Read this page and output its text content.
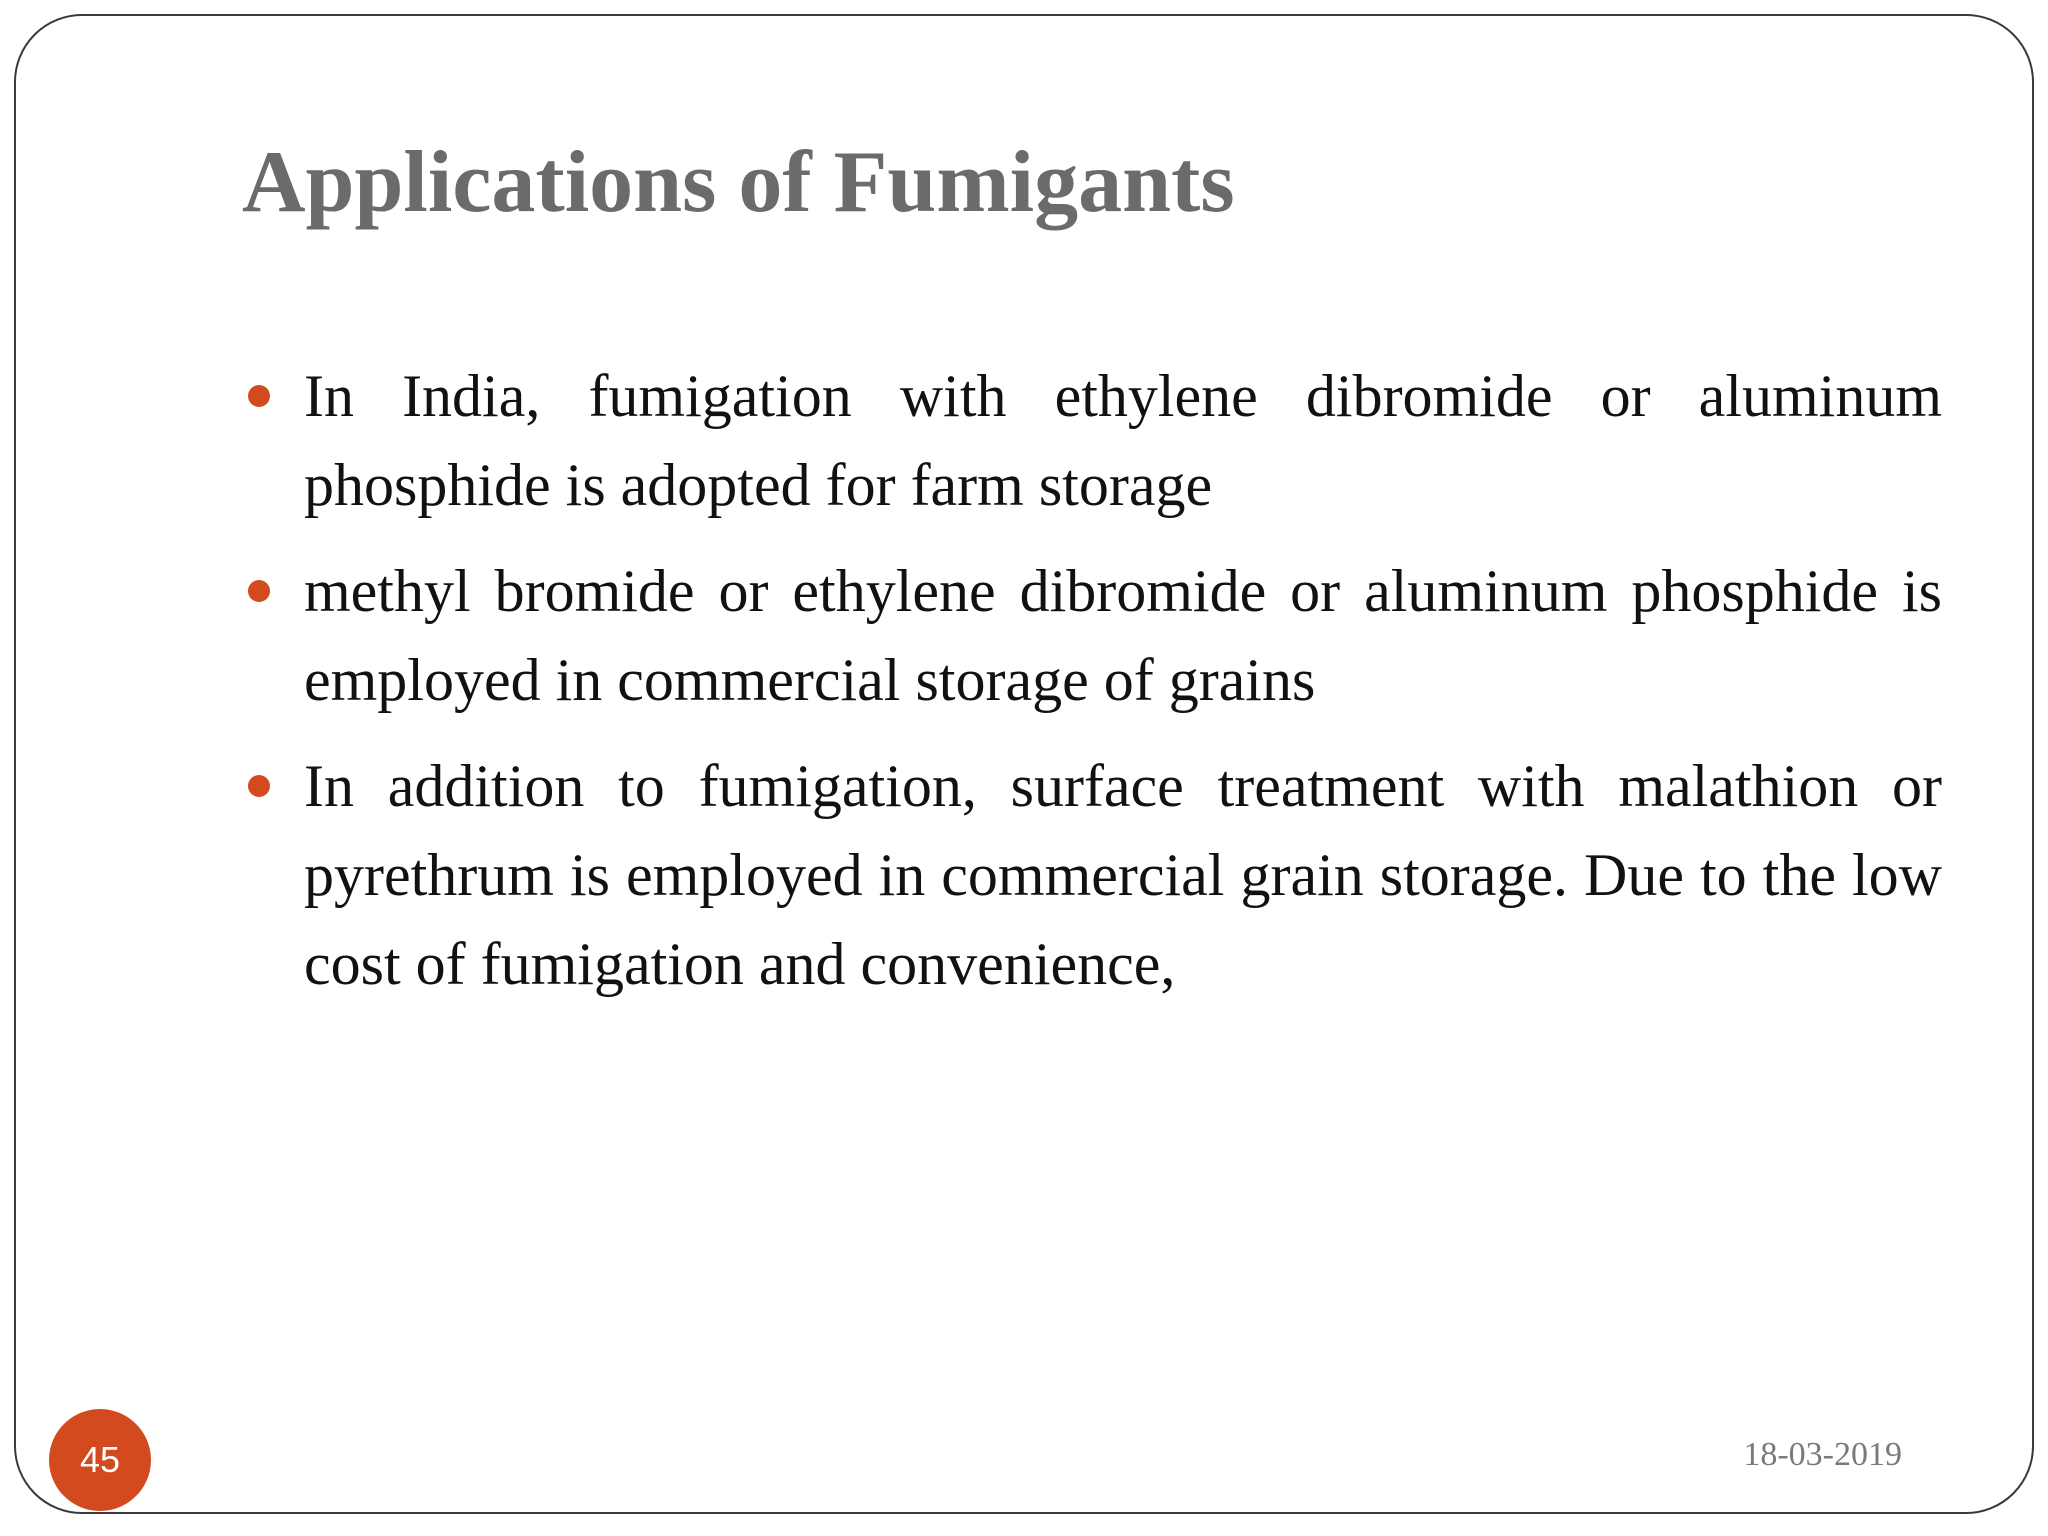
Applications of Fumigants
In India, fumigation with ethylene dibromide or aluminum phosphide is adopted for farm storage
methyl bromide or ethylene dibromide or aluminum phosphide is employed in commercial storage of grains
In addition to fumigation, surface treatment with malathion or pyrethrum is employed in commercial grain storage. Due to the low cost of fumigation and convenience,
45	18-03-2019
